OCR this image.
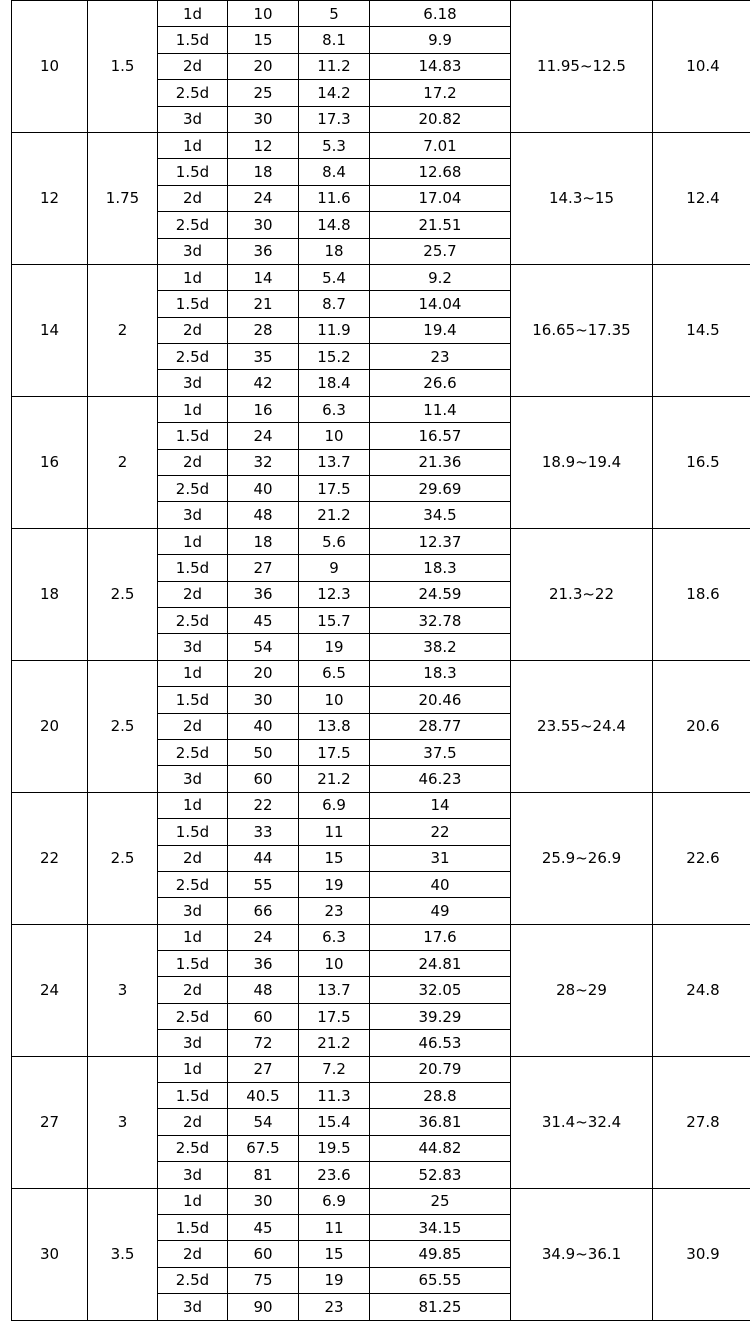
10	1.5	1d	10	5	6.18	11.95~12.5	10.4
		1.5d	15	8.1	9.9		
		2d	20	11.2	14.83		
		2.5d	25	14.2	17.2		
		3d	30	17.3	20.82		
12	1.75	1d	12	5.3	7.01	14.3~15	12.4
		1.5d	18	8.4	12.68		
		2d	24	11.6	17.04		
		2.5d	30	14.8	21.51		
		3d	36	18	25.7		
14	2	1d	14	5.4	9.2	16.65~17.35	14.5
		1.5d	21	8.7	14.04		
		2d	28	11.9	19.4		
		2.5d	35	15.2	23		
		3d	42	18.4	26.6		
16	2	1d	16	6.3	11.4	18.9~19.4	16.5
		1.5d	24	10	16.57		
		2d	32	13.7	21.36		
		2.5d	40	17.5	29.69		
		3d	48	21.2	34.5		
18	2.5	1d	18	5.6	12.37	21.3~22	18.6
		1.5d	27	9	18.3		
		2d	36	12.3	24.59		
		2.5d	45	15.7	32.78		
		3d	54	19	38.2		
20	2.5	1d	20	6.5	18.3	23.55~24.4	20.6
		1.5d	30	10	20.46		
		2d	40	13.8	28.77		
		2.5d	50	17.5	37.5		
		3d	60	21.2	46.23		
22	2.5	1d	22	6.9	14	25.9~26.9	22.6
		1.5d	33	11	22		
		2d	44	15	31		
		2.5d	55	19	40		
		3d	66	23	49		
24	3	1d	24	6.3	17.6	28~29	24.8
		1.5d	36	10	24.81		
		2d	48	13.7	32.05		
		2.5d	60	17.5	39.29		
		3d	72	21.2	46.53		
27	3	1d	27	7.2	20.79	31.4~32.4	27.8
		1.5d	40.5	11.3	28.8		
		2d	54	15.4	36.81		
		2.5d	67.5	19.5	44.82		
		3d	81	23.6	52.83		
30	3.5	1d	30	6.9	25	34.9~36.1	30.9
		1.5d	45	11	34.15		
		2d	60	15	49.85		
		2.5d	75	19	65.55		
		3d	90	23	81.25		
